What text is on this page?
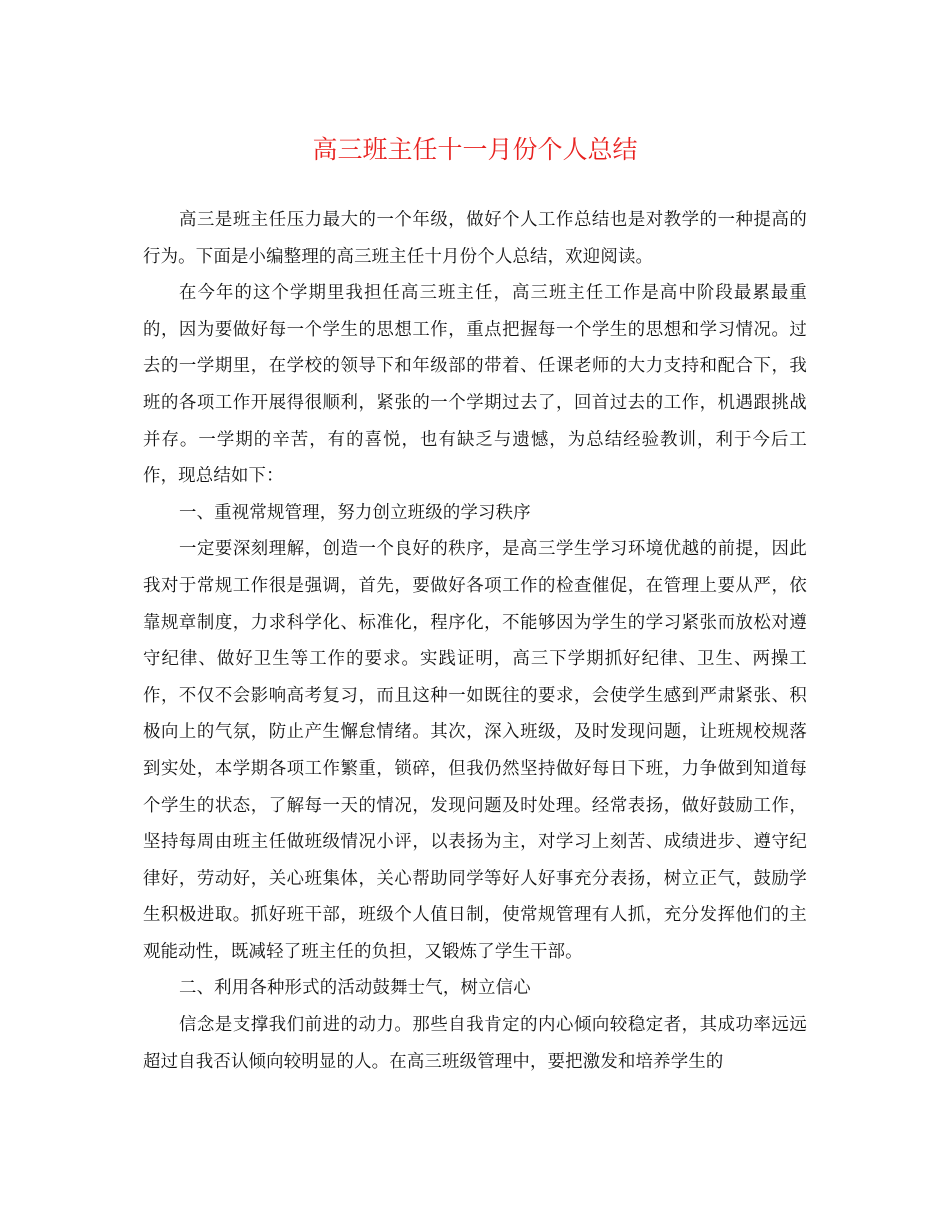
高三班主任十一月份个人总结

高三是班主任压力最大的一个年级，做好个人工作总结也是对教学的一种提高的行为。下面是小编整理的高三班主任十月份个人总结，欢迎阅读。

在今年的这个学期里我担任高三班主任，高三班主任工作是高中阶段最累最重的，因为要做好每一个学生的思想工作，重点把握每一个学生的思想和学习情况。过去的一学期里，在学校的领导下和年级部的带着、任课老师的大力支持和配合下，我班的各项工作开展得很顺利，紧张的一个学期过去了，回首过去的工作，机遇跟挑战并存。一学期的辛苦，有的喜悦，也有缺乏与遗憾，为总结经验教训，利于今后工作，现总结如下：

一、重视常规管理，努力创立班级的学习秩序

一定要深刻理解，创造一个良好的秩序，是高三学生学习环境优越的前提，因此我对于常规工作很是强调，首先，要做好各项工作的检查催促，在管理上要从严，依靠规章制度，力求科学化、标准化，程序化，不能够因为学生的学习紧张而放松对遵守纪律、做好卫生等工作的要求。实践证明，高三下学期抓好纪律、卫生、两操工作，不仅不会影响高考复习，而且这种一如既往的要求，会使学生感到严肃紧张、积极向上的气氛，防止产生懈怠情绪。其次，深入班级，及时发现问题，让班规校规落到实处，本学期各项工作繁重，锁碎，但我仍然坚持做好每日下班，力争做到知道每个学生的状态，了解每一天的情况，发现问题及时处理。经常表扬，做好鼓励工作，坚持每周由班主任做班级情况小评，以表扬为主，对学习上刻苦、成绩进步、遵守纪律好，劳动好，关心班集体，关心帮助同学等好人好事充分表扬，树立正气，鼓励学生积极进取。抓好班干部，班级个人值日制，使常规管理有人抓，充分发挥他们的主观能动性，既减轻了班主任的负担，又锻炼了学生干部。

二、利用各种形式的活动鼓舞士气，树立信心

信念是支撑我们前进的动力。那些自我肯定的内心倾向较稳定者，其成功率远远超过自我否认倾向较明显的人。在高三班级管理中，要把激发和培养学生的
